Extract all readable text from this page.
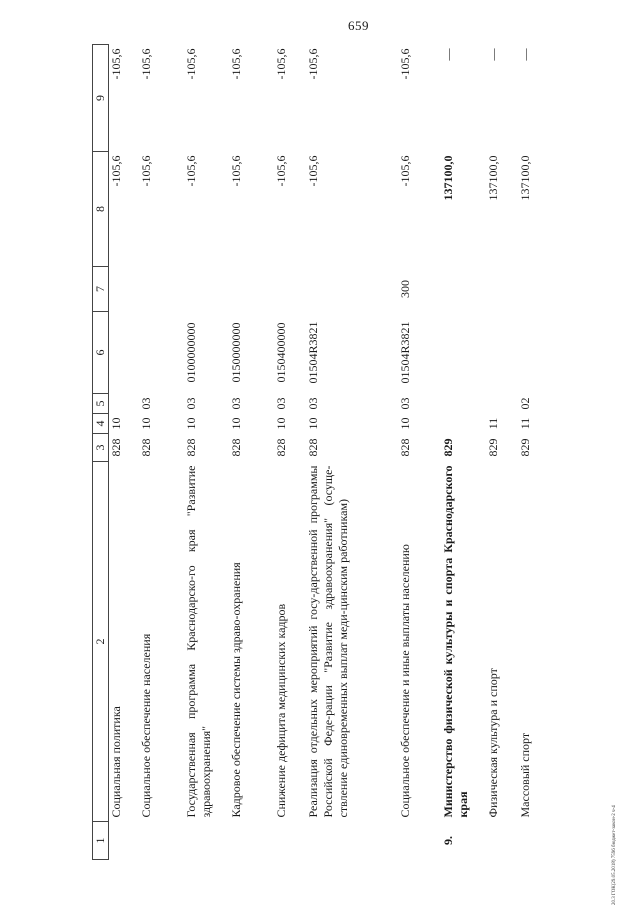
659
20.3 ГОК(29.05.2018) 7596 бюджет-закон-2 ч-4
1	2	3	4	5	6	7	8	9
	Социальная политика	828	10				-105,6	-105,6
	Социальное обеспечение населения	828	10	03			-105,6	-105,6
	Государственная программа Краснодарско-го края "Развитие здравоохранения"	828	10	03	0100000000		-105,6	-105,6
	Кадровое обеспечение системы здраво-охранения	828	10	03	0150000000		-105,6	-105,6
	Снижение дефицита медицинских кадров	828	10	03	0150400000		-105,6	-105,6
	Реализация отдельных мероприятий госу-дарственной программы Российской Феде-рации "Развитие здравоохранения" (осуще-ствление единовременных выплат меди-цинским работникам)	828	10	03	01504R3821		-105,6	-105,6
	Социальное обеспечение и иные выплаты населению	828	10	03	01504R3821	300	-105,6	-105,6
9.	Министерство физической культуры и спорта Краснодарского края	829					137100,0	—
	Физическая культура и спорт	829	11				137100,0	—
	Массовый спорт	829	11	02			137100,0	—
